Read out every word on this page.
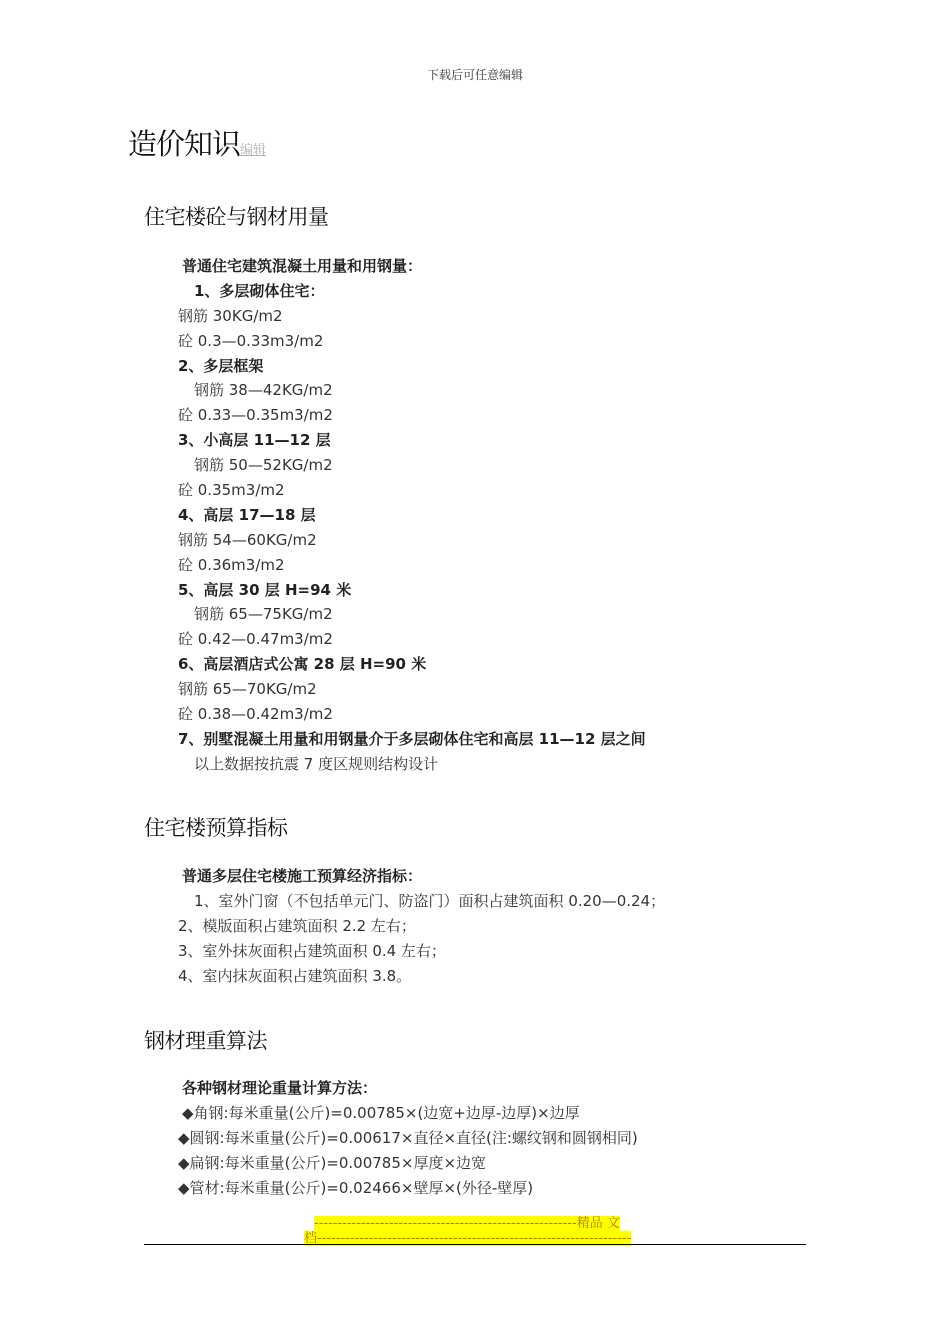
下载后可任意编辑
造价知识编辑
住宅楼砼与钢材用量
普通住宅建筑混凝土用量和用钢量：
1、多层砌体住宅：
钢筋 30KG/m2
砼 0.3—0.33m3/m2
2、多层框架
钢筋 38—42KG/m2
砼 0.33—0.35m3/m2
3、小高层 11—12 层
钢筋 50—52KG/m2
砼 0.35m3/m2
4、高层 17—18 层
钢筋 54—60KG/m2
砼 0.36m3/m2
5、高层 30 层 H=94 米
钢筋 65—75KG/m2
砼 0.42—0.47m3/m2
6、高层酒店式公寓 28 层 H=90 米
钢筋 65—70KG/m2
砼 0.38—0.42m3/m2
7、别墅混凝土用量和用钢量介于多层砌体住宅和高层 11—12 层之间
以上数据按抗震 7 度区规则结构设计
住宅楼预算指标
普通多层住宅楼施工预算经济指标：
1、室外门窗（不包括单元门、防盗门）面积占建筑面积 0.20—0.24；
2、模版面积占建筑面积 2.2 左右；
3、室外抹灰面积占建筑面积 0.4 左右；
4、室内抹灰面积占建筑面积 3.8。
钢材理重算法
各种钢材理论重量计算方法：
◆角钢:每米重量(公斤)=0.00785×(边宽+边厚-边厚)×边厚
◆圆钢:每米重量(公斤)=0.00617×直径×直径(注:螺纹钢和圆钢相同)
◆扁钢:每米重量(公斤)=0.00785×厚度×边宽
◆管材:每米重量(公斤)=0.02466×壁厚×(外径-壁厚)
--------------------------------------------------------精品 文
档-------------------------------------------------------------------
